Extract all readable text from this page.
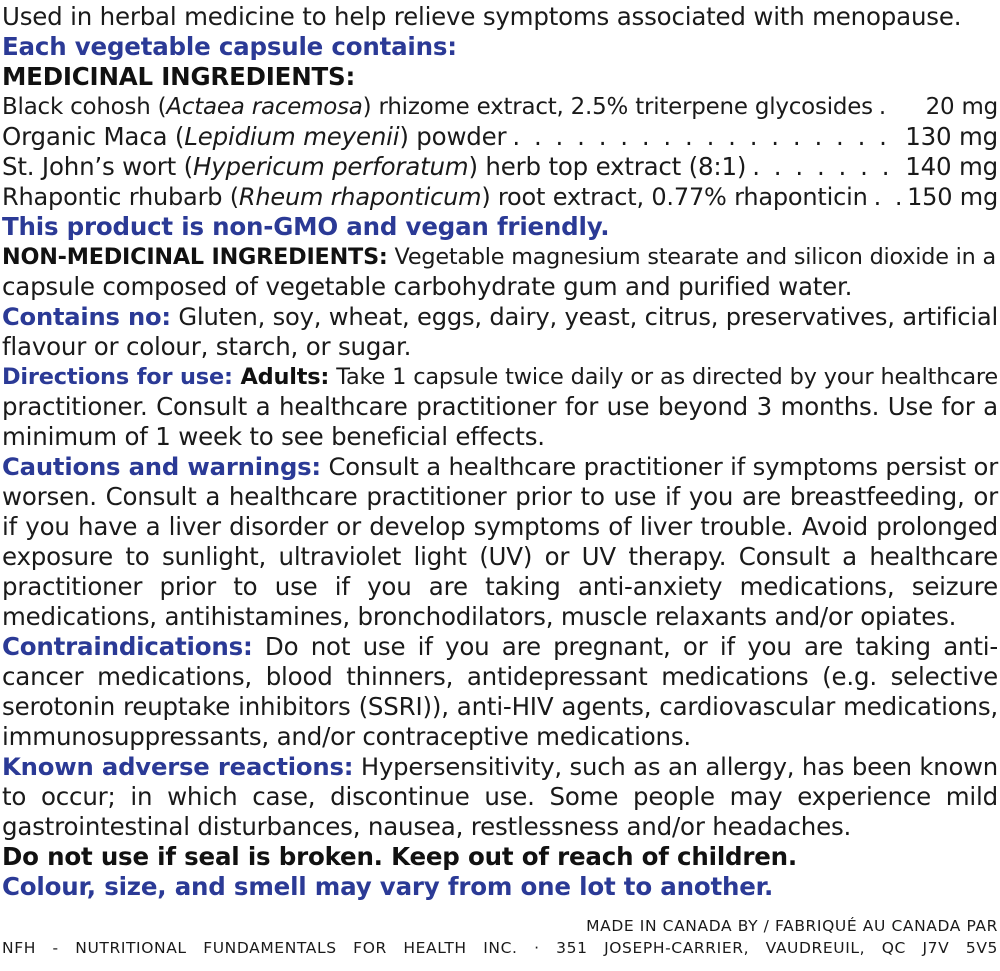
Used in herbal medicine to help relieve symptoms associated with menopause.
Each vegetable capsule contains:
MEDICINAL INGREDIENTS:
Black cohosh (Actaea racemosa) rhizome extract, 2.5% triterpene glycosides . . .	20 mg
Organic Maca (Lepidium meyenii) powder . . .	130 mg
St. John’s wort (Hypericum perforatum) herb top extract (8:1) . . .	140 mg
Rhapontic rhubarb (Rheum rhaponticum) root extract, 0.77% rhaponticin . . . 150 mg
This product is non-GMO and vegan friendly.
NON-MEDICINAL INGREDIENTS: Vegetable magnesium stearate and silicon dioxide in a
capsule composed of vegetable carbohydrate gum and purified water.

Contains no: Gluten, soy, wheat, eggs, dairy, yeast, citrus, preservatives, artificial

flavour or colour, starch, or sugar.

Directions for use: Adults: Take 1 capsule twice daily or as directed by your healthcare

practitioner. Consult a healthcare practitioner for use beyond 3 months. Use for a

minimum of 1 week to see beneficial effects.

Cautions and warnings: Consult a healthcare practitioner if symptoms persist or

worsen. Consult a healthcare practitioner prior to use if you are breastfeeding, or

if you have a liver disorder or develop symptoms of liver trouble. Avoid prolonged

exposure to sunlight, ultraviolet light (UV) or UV therapy. Consult a healthcare

practitioner prior to use if you are taking anti-anxiety medications, seizure

medications, antihistamines, bronchodilators, muscle relaxants and/or opiates.

Contraindications: Do not use if you are pregnant, or if you are taking anti-

cancer medications, blood thinners, antidepressant medications (e.g. selective

serotonin reuptake inhibitors (SSRI)), anti-HIV agents, cardiovascular medications,

immunosuppressants, and/or contraceptive medications.

Known adverse reactions: Hypersensitivity, such as an allergy, has been known

to occur; in which case, discontinue use. Some people may experience mild

gastrointestinal disturbances, nausea, restlessness and/or headaches.
Do not use if seal is broken. Keep out of reach of children.
Colour, size, and smell may vary from one lot to another.
MADE IN CANADA BY / FABRIQUÉ AU CANADA PAR
NFH - NUTRITIONAL FUNDAMENTALS FOR HEALTH INC. · 351 JOSEPH-CARRIER, VAUDREUIL, QC J7V 5V5
